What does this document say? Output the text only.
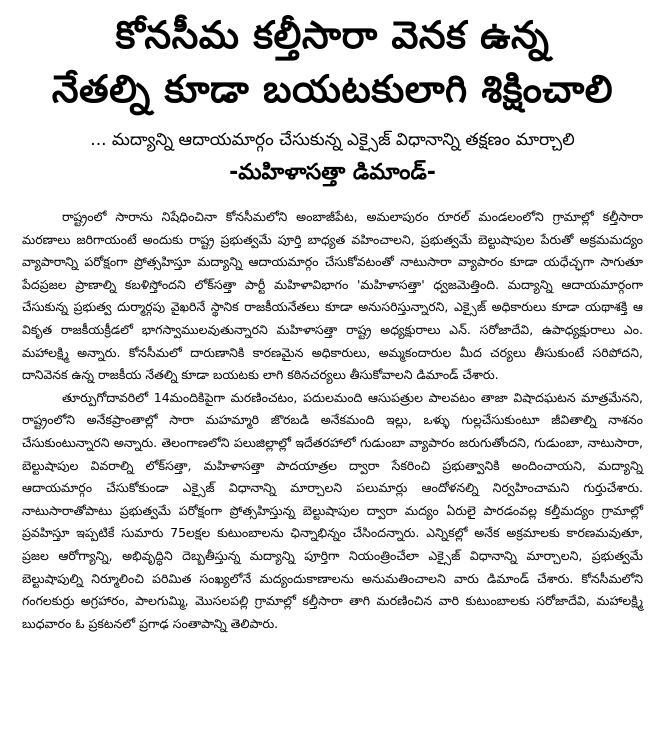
కోనసీమ కల్తీసారా వెనక ఉన్న
నేతల్ని కూడా బయటకులాగి శిక్షించాలి

... మద్యాన్ని ఆదాయమార్గం చేసుకున్న ఎక్సైజ్ విధానాన్ని తక్షణం మార్చాలి

-మహిళాసత్తా డిమాండ్-

రాష్ట్రంలో సారాను నిషేధించినా కోనసీమలోని అంబాజీపేట, అమలాపురం రూరల్ మండలంలోని గ్రామాల్లో కల్తీసారా మరణాలు జరిగాయంటే అందుకు రాష్ట్ర ప్రభుత్వమే పూర్తి బాధ్యత వహించాలని, ప్రభుత్వమే బెల్టుషాపుల పేరుతో అక్రమమద్యం వ్యాపారాన్ని పరోక్షంగా ప్రోత్సహిస్తూ మద్యాన్ని ఆదాయమార్గం చేసుకోవటంతో నాటుసారా వ్యాపారం కూడా యధేచ్ఛగా సాగుతూ పేదప్రజల ప్రాణాల్ని కబళిస్తోందని లోక్‌సత్తా పార్టీ మహిళావిభాగం 'మహిళాసత్తా' ధ్వజమెత్తింది. మద్యాన్ని ఆదాయమార్గంగా చేసుకున్న ప్రభుత్వ దుర్మార్గపు వైఖరినే స్థానిక రాజకీయనేతలు కూడా అనుసరిస్తున్నారని, ఎక్సైజ్ అధికారులు కూడా యథాశక్తి ఆ వికృత రాజకీయక్రీడలో భాగస్వాములవుతున్నారని మహిళాసత్తా రాష్ట్ర అధ్యక్షురాలు ఎన్. సరోజాదేవి, ఉపాధ్యక్షురాలు ఎం. మహాలక్ష్మి అన్నారు. కోనసీమలో దారుణానికి కారణమైన అధికారులు, అమ్మకందారుల మీద చర్యలు తీసుకుంటే సరిపోదని, దానివెనక ఉన్న రాజకీయ నేతల్ని కూడా బయటకు లాగి కఠినచర్యలు తీసుకోవాలని డిమాండ్ చేశారు.

తూర్పుగోదావరిలో 14మందికిపైగా మరణించటం, పదులమంది ఆసుపత్రుల పాలవటం తాజా విషాదఘటన మాత్రమేనని, రాష్ట్రంలోని అనేకప్రాంతాల్లో సారా మహమ్మారి జొరబడి అనేకమంది ఇల్లు, ఒళ్ళు గుల్లచేసుకుంటూ జీవితాల్ని నాశనం చేసుకుంటున్నారని అన్నారు. తెలంగాణలోని పలుజిల్లాల్లో ఇదేతరహాలో గుడుంబా వ్యాపారం జరుగుతోందని, గుడుంబా, నాటుసారా, బెల్టుషాపుల వివరాల్ని లోక్‌సత్తా, మహిళాసత్తా పాదయాత్రల ద్వారా సేకరించి ప్రభుత్వానికి అందించాయని, మద్యాన్ని ఆదాయమార్గం చేసుకోకుండా ఎక్సైజ్ విధానాన్ని మార్చాలని పలుమార్లు ఆందోళనల్ని నిర్వహించామని గుర్తుచేశారు. నాటుసారాతోపాటు ప్రభుత్వమే పరోక్షంగా ప్రోత్సహిస్తున్న బెల్టుషాపుల ద్వారా మద్యం ఏరులై పారడంవల్ల కల్తీమద్యం గ్రామాల్లో ప్రవహిస్తూ ఇప్పటికే సుమారు 75లక్షల కుటుంబాలను ఛిన్నాభిన్నం చేసిందన్నారు. ఎన్నికల్లో అనేక అక్రమాలకు కారణమవుతూ, ప్రజల ఆరోగ్యాన్ని, అభివృద్ధిని దెబ్బతీస్తున్న మద్యాన్ని పూర్తిగా నియంత్రించేలా ఎక్సైజ్ విధానాన్ని మార్చాలని, ప్రభుత్వమే బెల్టుషాపుల్ని నిర్మూలించి పరిమిత సంఖ్యలోనే మద్యందుకాణాలను అనుమతించాలని వారు డిమాండ్ చేశారు. కోనసీమలోని గంగలకుర్రు అగ్రహారం, పాలగుమ్మి, మొసలపల్లి గ్రామాల్లో కల్తీసారా తాగి మరణించిన వారి కుటుంబాలకు సరోజాదేవి, మహాలక్ష్మి బుధవారం ఓ ప్రకటనలో ప్రగాఢ సంతాపాన్ని తెలిపారు.
